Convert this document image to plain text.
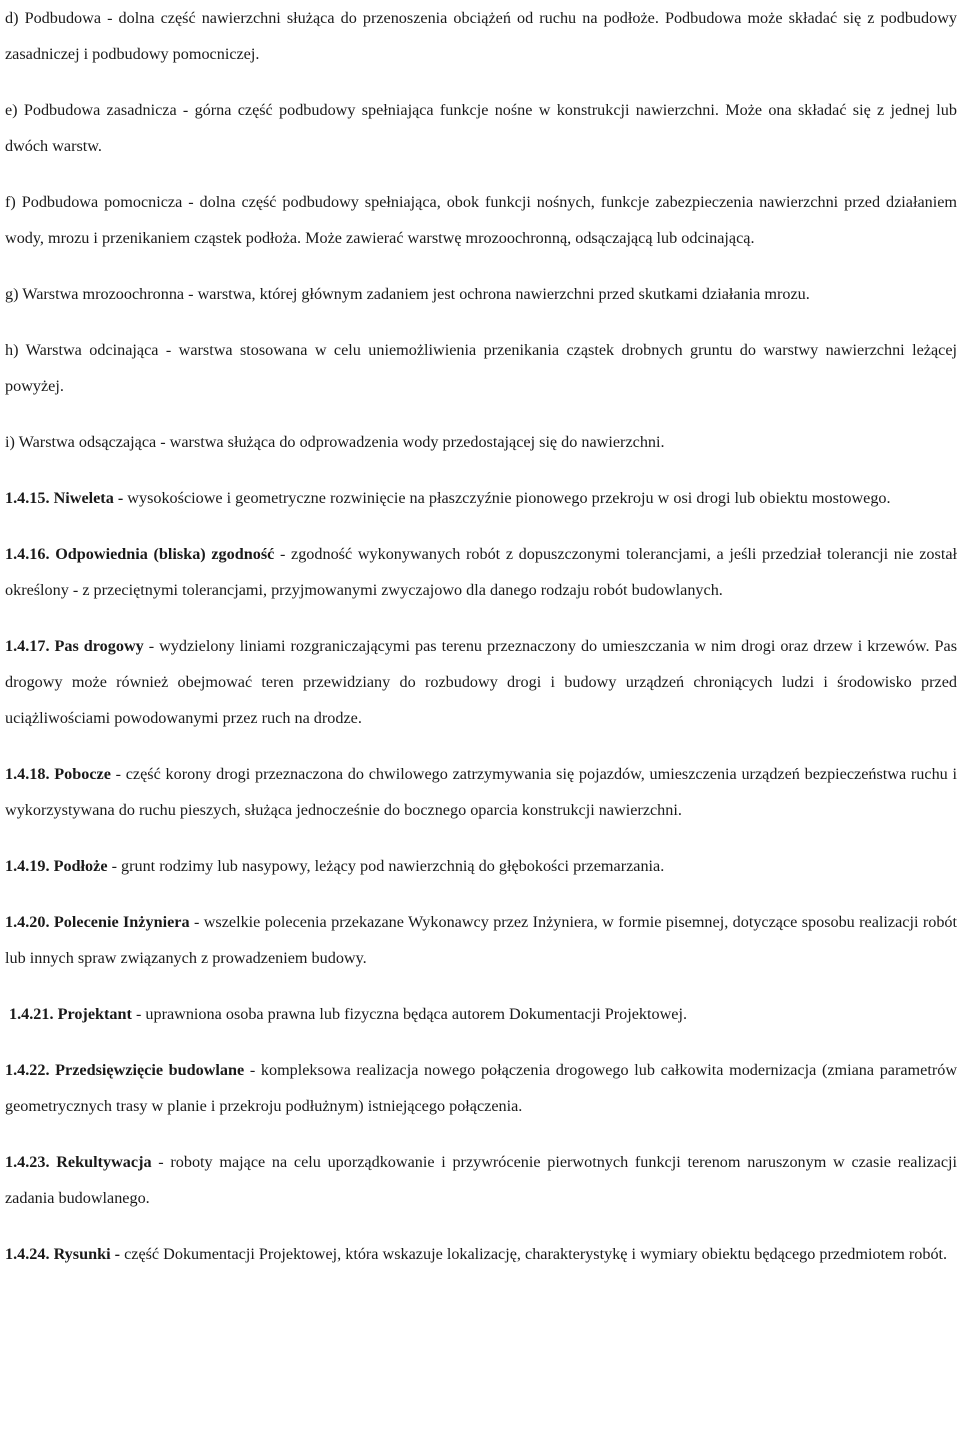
d) Podbudowa - dolna część nawierzchni służąca do przenoszenia obciążeń od ruchu na podłoże. Podbudowa może składać się z podbudowy zasadniczej i podbudowy pomocniczej.

e) Podbudowa zasadnicza - górna część podbudowy spełniająca funkcje nośne w konstrukcji nawierzchni. Może ona składać się z jednej lub dwóch warstw.

f) Podbudowa pomocnicza - dolna część podbudowy spełniająca, obok funkcji nośnych, funkcje zabezpieczenia nawierzchni przed działaniem wody, mrozu i przenikaniem cząstek podłoża. Może zawierać warstwę mrozoochronną, odsączającą lub odcinającą.

g) Warstwa mrozoochronna - warstwa, której głównym zadaniem jest ochrona nawierzchni przed skutkami działania mrozu.

h) Warstwa odcinająca - warstwa stosowana w celu uniemożliwienia przenikania cząstek drobnych gruntu do warstwy nawierzchni leżącej powyżej.

i) Warstwa odsączająca - warstwa służąca do odprowadzenia wody przedostającej się do nawierzchni.

1.4.15. Niweleta - wysokościowe i geometryczne rozwinięcie na płaszczyźnie pionowego przekroju w osi drogi lub obiektu mostowego.

1.4.16. Odpowiednia (bliska) zgodność - zgodność wykonywanych robót z dopuszczonymi tolerancjami, a jeśli przedział tolerancji nie został określony - z przeciętnymi tolerancjami, przyjmowanymi zwyczajowo dla danego rodzaju robót budowlanych.

1.4.17. Pas drogowy - wydzielony liniami rozgraniczającymi pas terenu przeznaczony do umieszczania w nim drogi oraz drzew i krzewów. Pas drogowy może również obejmować teren przewidziany do rozbudowy drogi i budowy urządzeń chroniących ludzi i środowisko przed uciążliwościami powodowanymi przez ruch na drodze.

1.4.18. Pobocze - część korony drogi przeznaczona do chwilowego zatrzymywania się pojazdów, umieszczenia urządzeń bezpieczeństwa ruchu i wykorzystywana do ruchu pieszych, służąca jednocześnie do bocznego oparcia konstrukcji nawierzchni.

1.4.19. Podłoże - grunt rodzimy lub nasypowy, leżący pod nawierzchnią do głębokości przemarzania.

1.4.20. Polecenie Inżyniera - wszelkie polecenia przekazane Wykonawcy przez Inżyniera, w formie pisemnej, dotyczące sposobu realizacji robót lub innych spraw związanych z prowadzeniem budowy.

1.4.21. Projektant - uprawniona osoba prawna lub fizyczna będąca autorem Dokumentacji Projektowej.

1.4.22. Przedsięwzięcie budowlane - kompleksowa realizacja nowego połączenia drogowego lub całkowita modernizacja (zmiana parametrów geometrycznych trasy w planie i przekroju podłużnym) istniejącego połączenia.

1.4.23. Rekultywacja - roboty mające na celu uporządkowanie i przywrócenie pierwotnych funkcji terenom naruszonym w czasie realizacji zadania budowlanego.

1.4.24. Rysunki - część Dokumentacji Projektowej, która wskazuje lokalizację, charakterystykę i wymiary obiektu będącego przedmiotem robót.
